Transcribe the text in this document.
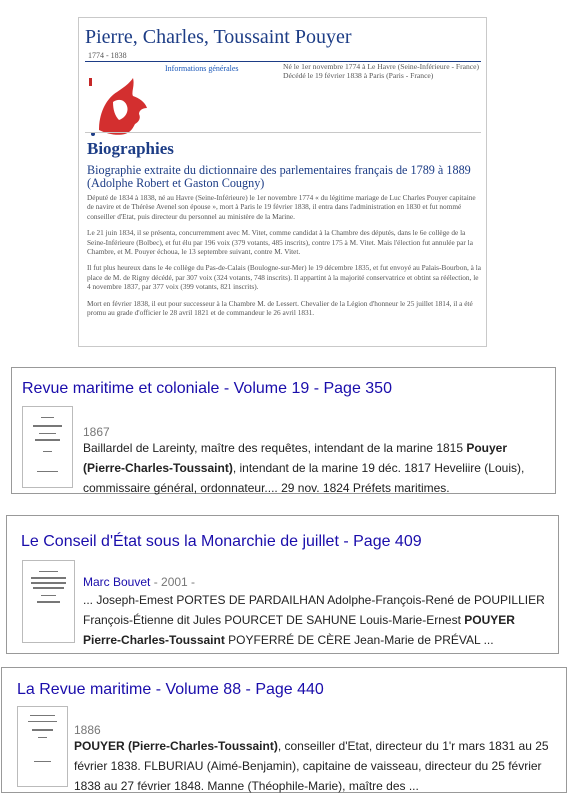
Pierre, Charles, Toussaint Pouyer
1774 - 1838
Informations générales	Né le 1er novembre 1774 à Le Havre (Seine-Inférieure - France) Décédé le 19 février 1838 à Paris (Paris - France)
Biographies
Biographie extraite du dictionnaire des parlementaires français de 1789 à 1889 (Adolphe Robert et Gaston Cougny)

Député de 1834 à 1838, né au Havre (Seine-Inférieure) le 1er novembre 1774 « du légitime mariage de Luc Charles Pouyer capitaine de navire et de Thérèse Avenel son épouse », mort à Paris le 19 février 1838, il entra dans l'administration en 1830 et fut nommé conseiller d'Etat, puis directeur du personnel au ministère de la Marine.

Le 21 juin 1834, il se présenta, concurremment avec M. Vitet, comme candidat à la Chambre des députés, dans le 6e collège de la Seine-Inférieure (Bolbec), et fut élu par 196 voix (379 votants, 485 inscrits), contre 175 à M. Vitet. Mais l'élection fut annulée par la Chambre, et M. Pouyer échoua, le 13 septembre suivant, contre M. Vitet.

Il fut plus heureux dans le 4e collège du Pas-de-Calais (Boulogne-sur-Mer) le 19 décembre 1835, et fut envoyé au Palais-Bourbon, à la place de M. de Rigny décédé, par 307 voix (324 votants, 748 inscrits). Il appartint à la majorité conservatrice et obtint sa réélection, le 4 novembre 1837, par 377 voix (399 votants, 821 inscrits).

Mort en février 1838, il eut pour successeur à la Chambre M. de Lessert. Chevalier de la Légion d'honneur le 25 juillet 1814, il a été promu au grade d'officier le 28 avril 1821 et de commandeur le 26 avril 1831.

Revue maritime et coloniale - Volume 19 - Page 350
1867
Baillardel de Lareinty, maître des requêtes, intendant de la marine 1815 Pouyer (Pierre-Charles-Toussaint), intendant de la marine 19 déc. 1817 Heveliire (Louis), commissaire général, ordonnateur.... 29 nov. 1824 Préfets maritimes.
Le Conseil d'État sous la Monarchie de juillet - Page 409
Marc Bouvet - 2001 -
... Joseph-Emest PORTES DE PARDAILHAN Adolphe-François-René de POUPILLIER François-Étienne dit Jules POURCET DE SAHUNE Louis-Marie-Ernest POUYER Pierre-Charles-Toussaint POYFERRÉ DE CÈRE Jean-Marie de PRÉVAL ...
La Revue maritime - Volume 88 - Page 440
1886
POUYER (Pierre-Charles-Toussaint), conseiller d'Etat, directeur du 1'r mars 1831 au 25 février 1838. FLBURIAU (Aimé-Benjamin), capitaine de vaisseau, directeur du 25 février 1838 au 27 février 1848. Manne (Théophile-Marie), maître des ...
